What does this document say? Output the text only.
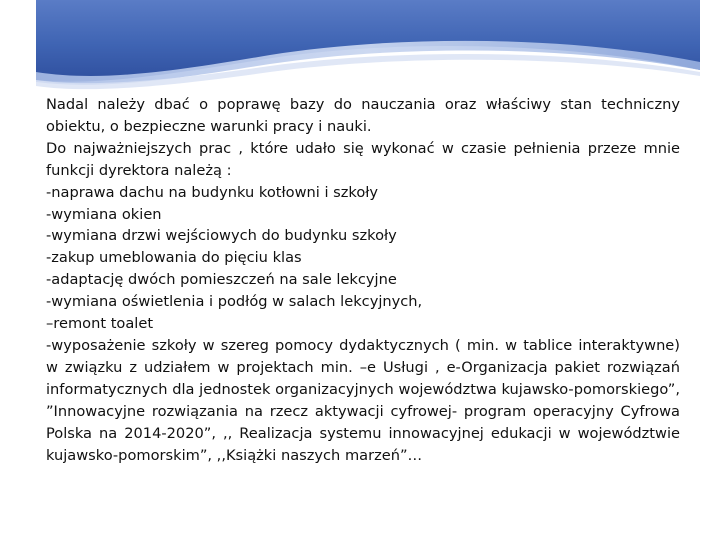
Nadal należy dbać o poprawę bazy do nauczania oraz właściwy stan techniczny obiektu, o bezpieczne warunki pracy i nauki.

Do najważniejszych prac , które udało się wykonać w czasie pełnienia przeze mnie funkcji dyrektora należą :

-naprawa dachu na budynku kotłowni i szkoły
-wymiana okien
-wymiana drzwi wejściowych do budynku szkoły
-zakup umeblowania do pięciu klas
-adaptację dwóch pomieszczeń na sale lekcyjne
-wymiana oświetlenia i podłóg w salach lekcyjnych,
–remont toalet

-wyposażenie szkoły w szereg pomocy dydaktycznych ( min. w tablice interaktywne) w związku z udziałem w projektach min. –e Usługi , e-Organizacja pakiet rozwiązań informatycznych dla jednostek organizacyjnych województwa kujawsko-pomorskiego”, ”Innowacyjne rozwiązania na rzecz aktywacji cyfrowej- program operacyjny Cyfrowa Polska na 2014-2020”, ,, Realizacja systemu innowacyjnej edukacji w województwie kujawsko-pomorskim”, ,,Książki naszych marzeń”…
